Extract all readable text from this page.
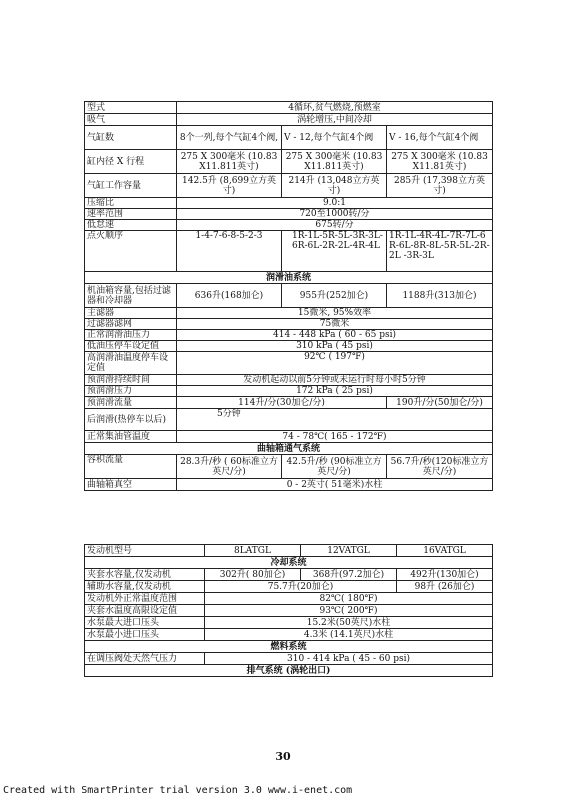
型式	4循环,贫气燃烧,预燃室		
吸气	涡轮增压,中间冷却		
气缸数	8个一列,每个气缸4个阀,	V - 12,每个气缸4个阀	V - 16,每个气缸4个阀
缸内径 X 行程	275 X 300毫米 (10.83X11.811英寸)	275 X 300毫米 (10.83X11.811英寸)	275 X 300毫米 (10.83X11.81英寸)
气缸工作容量	142.5升 (8,699立方英寸)	214升 (13,048立方英寸)	285升 (17,398立方英寸)
压缩比	9.0:1		
速率范围	720至1000转/分		
低怠速	675转/分		
点火顺序	1-4-7-6-8-5-2-3	1R-1L-5R-5L-3R-3L-6R-6L-2R-2L-4R-4L	1R-1L-4R-4L-7R-7L-6R-6L-8R-8L-5R-5L-2R-2L -3R-3L
润滑油系统			
机油箱容量,包括过滤器和冷却器	636升(168加仑)	955升(252加仑)	1188升(313加仑)
主滤器	15微米, 95%效率		
过滤器滤网	75微米		
正常润滑油压力	414 - 448 kPa ( 60 - 65 psi)		
低油压停车设定值	310 kPa ( 45 psi)		
高润滑油温度停车设定值	92℃ ( 197℉)		
预润滑持续时间	发动机起动以前5分钟或未运行时每小时5分钟		
预润滑压力	172 kPa ( 25 psi)		
预润滑流量	114升/分(30加仑/分)		190升/分(50加仑/分)
后润滑(热停车以后)	5分钟		
正常集油管温度	74 - 78℃( 165 - 172℉)		
曲轴箱通气系统			
容积流量	28.3升/秒 ( 60标准立方英尺/分)	42.5升/秒 (90标准立方英尺/分)	56.7升/秒(120标准立方英尺/分)
曲轴箱真空	0 - 2英寸( 51毫米)水柱		
发动机型号	8LATGL	12VATGL	16VATGL
冷却系统			
夹套水容量,仅发动机	302升( 80加仑)	368升(97.2加仑)	492升(130加仑)
辅助水容量,仅发动机	75.7升(20加仑)		98升 (26加仑)
发动机外正常温度范围	82℃( 180℉)		
夹套水温度高限设定值	93℃( 200℉)		
水泵最大进口压头	15.2米(50英尺)水柱		
水泵最小进口压头	4.3米 (14.1英尺)水柱		
燃料系统			
在调压阀处天然气压力	310 - 414 kPa ( 45 - 60 psi)		
排气系统 (涡轮出口)			
30
Created with SmartPrinter trial version 3.0 www.i-enet.com
